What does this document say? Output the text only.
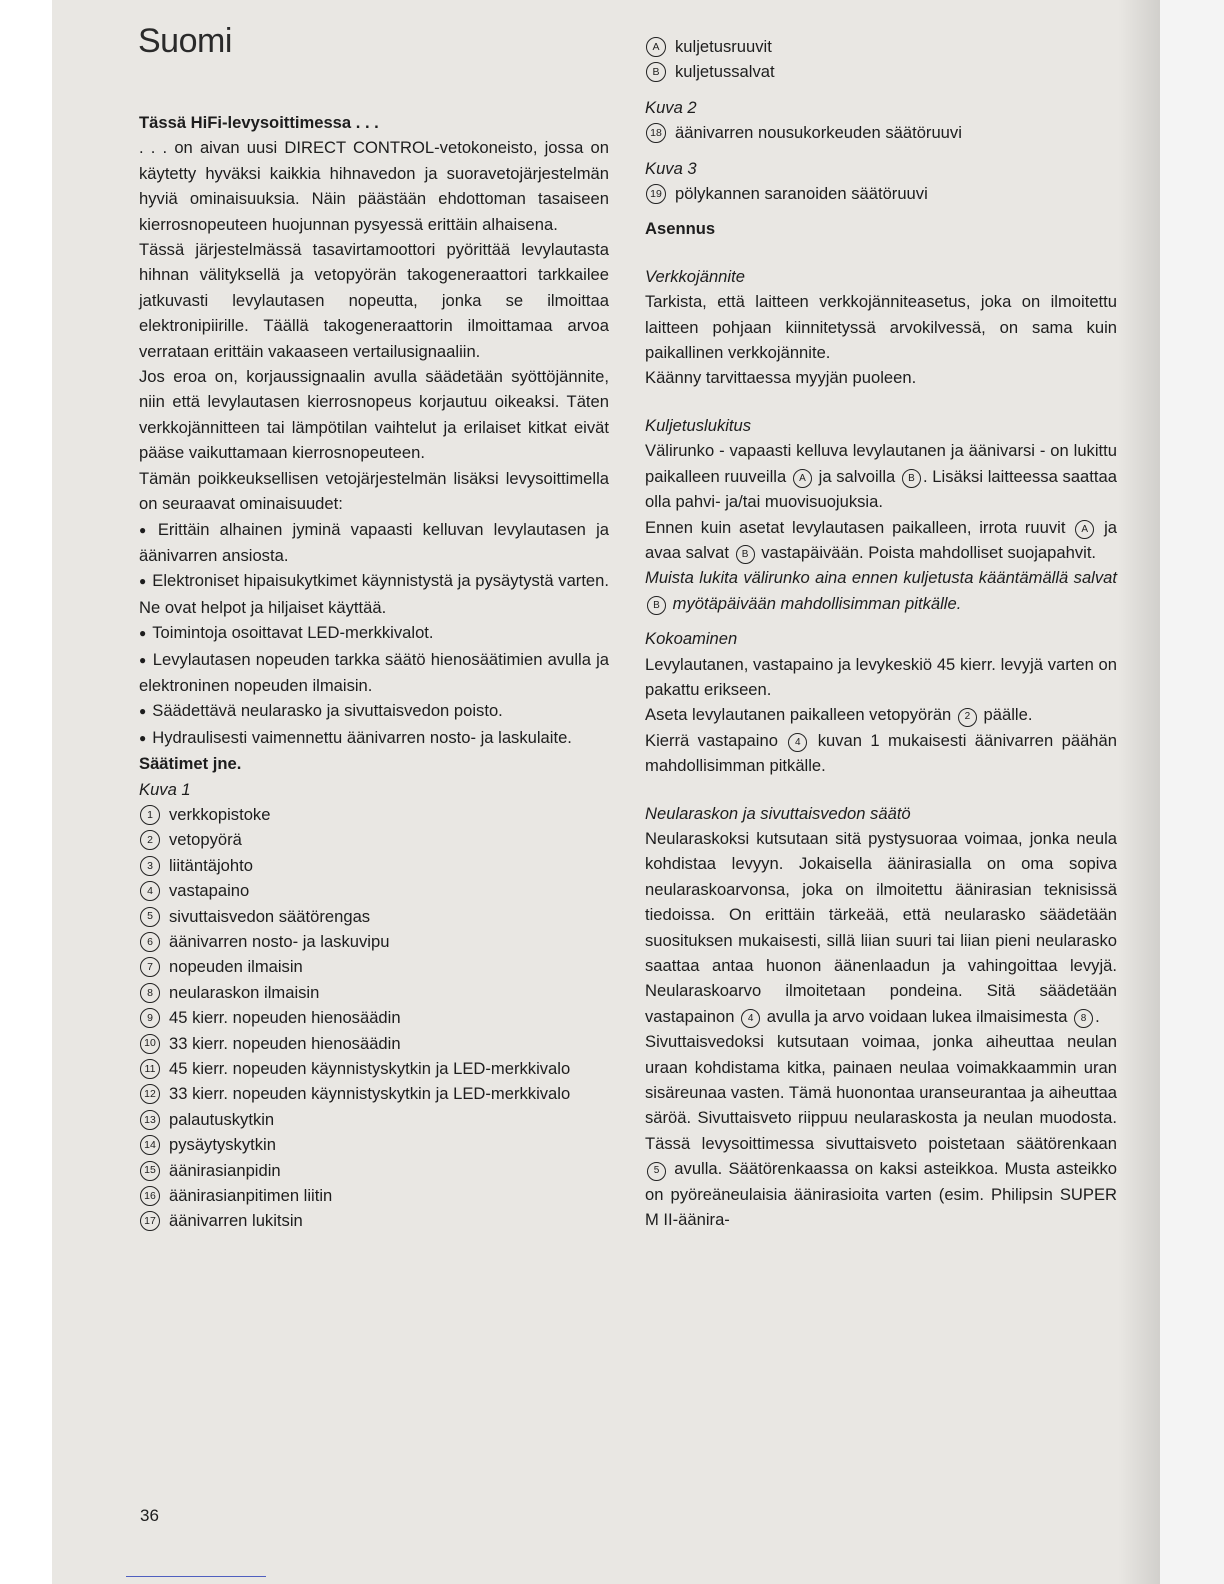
Suomi

Tässä HiFi-levysoittimessa . . .

. . . on aivan uusi DIRECT CONTROL-vetokoneisto, jossa on käytetty hyväksi kaikkia hihnavedon ja suoravetojärjestelmän hyviä ominaisuuksia. Näin päästään ehdottoman tasaiseen kierrosnopeuteen huojunnan pysyessä erittäin alhaisena.

Tässä järjestelmässä tasavirtamoottori pyörittää levylautasta hihnan välityksellä ja vetopyörän takogeneraattori tarkkailee jatkuvasti levylautasen nopeutta, jonka se ilmoittaa elektronipiirille. Täällä takogeneraattorin ilmoittamaa arvoa verrataan erittäin vakaaseen vertailusignaaliin.

Jos eroa on, korjaussignaalin avulla säädetään syöttöjännite, niin että levylautasen kierrosnopeus korjautuu oikeaksi. Täten verkkojännitteen tai lämpötilan vaihtelut ja erilaiset kitkat eivät pääse vaikuttamaan kierrosnopeuteen.

Tämän poikkeuksellisen vetojärjestelmän lisäksi levysoittimella on seuraavat ominaisuudet:

● Erittäin alhainen jyminä vapaasti kelluvan levylautasen ja äänivarren ansiosta.
● Elektroniset hipaisukytkimet käynnistystä ja pysäytystä varten. Ne ovat helpot ja hiljaiset käyttää.
● Toimintoja osoittavat LED-merkkivalot.
● Levylautasen nopeuden tarkka säätö hienosäätimien avulla ja elektroninen nopeuden ilmaisin.
● Säädettävä neularasko ja sivuttaisvedon poisto.
● Hydraulisesti vaimennettu äänivarren nosto- ja laskulaite.

Säätimet jne.

Kuva 1

1 verkkopistoke
2 vetopyörä
3 liitäntäjohto
4 vastapaino
5 sivuttaisvedon säätörengas
6 äänivarren nosto- ja laskuvipu
7 nopeuden ilmaisin
8 neularaskon ilmaisin
9 45 kierr. nopeuden hienosäädin
10 33 kierr. nopeuden hienosäädin
11 45 kierr. nopeuden käynnistyskytkin ja LED-merkkivalo
12 33 kierr. nopeuden käynnistyskytkin ja LED-merkkivalo
13 palautuskytkin
14 pysäytyskytkin
15 äänirasianpidin
16 äänirasianpitimen liitin
17 äänivarren lukitsin
A kuljetusruuvit
B kuljetussalvat

Kuva 2

18 äänivarren nousukorkeuden säätöruuvi

Kuva 3

19 pölykannen saranoiden säätöruuvi

Asennus

Verkkojännite

Tarkista, että laitteen verkkojänniteasetus, joka on ilmoitettu laitteen pohjaan kiinnitetyssä arvokilvessä, on sama kuin paikallinen verkkojännite.

Käänny tarvittaessa myyjän puoleen.

Kuljetuslukitus

Välirunko - vapaasti kelluva levylautanen ja äänivarsi - on lukittu paikalleen ruuveilla A ja salvoilla B . Lisäksi laitteessa saattaa olla pahvi- ja/tai muovisuojuksia.

Ennen kuin asetat levylautasen paikalleen, irrota ruuvit A ja avaa salvat B vastapäivään. Poista mahdolliset suojapahvit.

Muista lukita välirunko aina ennen kuljetusta kääntämällä salvat B myötäpäivään mahdollisimman pitkälle.

Kokoaminen

Levylautanen, vastapaino ja levykeskiö 45 kierr. levyjä varten on pakattu erikseen.

Aseta levylautanen paikalleen vetopyörän 2 päälle.

Kierrä vastapaino 4 kuvan 1 mukaisesti äänivarren päähän mahdollisimman pitkälle.

Neularaskon ja sivuttaisvedon säätö

Neularaskoksi kutsutaan sitä pystysuoraa voimaa, jonka neula kohdistaa levyyn. Jokaisella äänirasialla on oma sopiva neularaskoarvonsa, joka on ilmoitettu äänirasian teknisissä tiedoissa. On erittäin tärkeää, että neularasko säädetään suosituksen mukaisesti, sillä liian suuri tai liian pieni neularasko saattaa antaa huonon äänenlaadun ja vahingoittaa levyjä. Neularaskoarvo ilmoitetaan pondeina. Sitä säädetään vastapainon 4 avulla ja arvo voidaan lukea ilmaisimesta 8 .

Sivuttaisvedoksi kutsutaan voimaa, jonka aiheuttaa neulan uraan kohdistama kitka, painaen neulaa voimakkaammin uran sisäreunaa vasten. Tämä huonontaa uranseurantaa ja aiheuttaa säröä. Sivuttaisveto riippuu neularaskosta ja neulan muodosta. Tässä levysoittimessa sivuttaisveto poistetaan säätörenkaan 5 avulla. Säätörenkaassa on kaksi asteikkoa. Musta asteikko on pyöreäneulaisia äänirasioita varten (esim. Philipsin SUPER M II-äänira-

36
